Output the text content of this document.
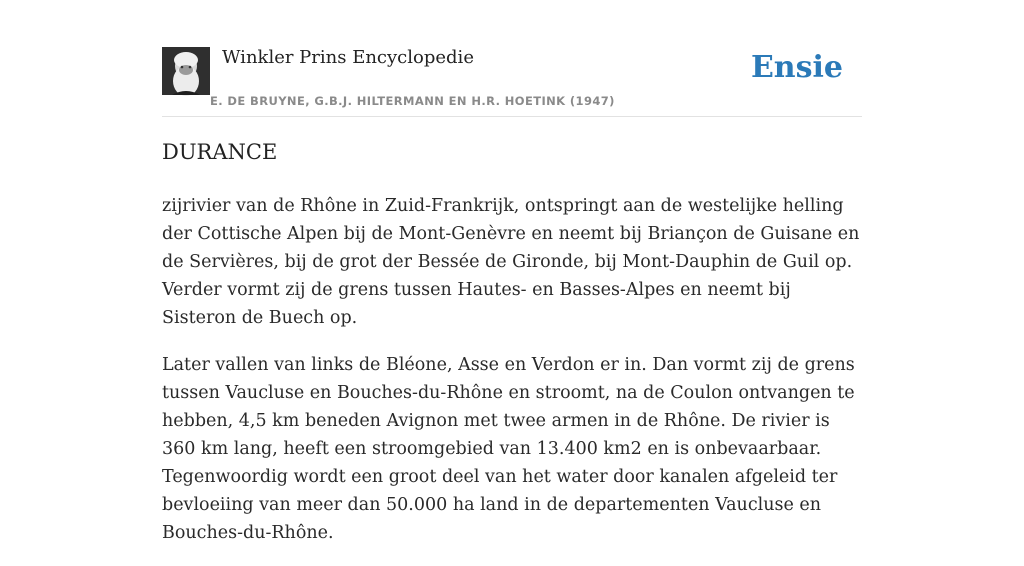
Winkler Prins Encyclopedie
E. DE BRUYNE, G.B.J. HILTERMANN EN H.R. HOETINK (1947)
Ensie
DURANCE

zijrivier van de Rhône in Zuid-Frankrijk, ontspringt aan de westelijke helling der Cottische Alpen bij de Mont-Genèvre en neemt bij Briançon de Guisane en de Servières, bij de grot der Bessée de Gironde, bij Mont-Dauphin de Guil op. Verder vormt zij de grens tussen Hautes- en Basses-Alpes en neemt bij Sisteron de Buech op.

Later vallen van links de Bléone, Asse en Verdon er in. Dan vormt zij de grens tussen Vaucluse en Bouches-du-Rhône en stroomt, na de Coulon ontvangen te hebben, 4,5 km beneden Avignon met twee armen in de Rhône. De rivier is 360 km lang, heeft een stroomgebied van 13.400 km2 en is onbevaarbaar. Tegenwoordig wordt een groot deel van het water door kanalen afgeleid ter bevloeiing van meer dan 50.000 ha land in de departementen Vaucluse en Bouches-du-Rhône.
